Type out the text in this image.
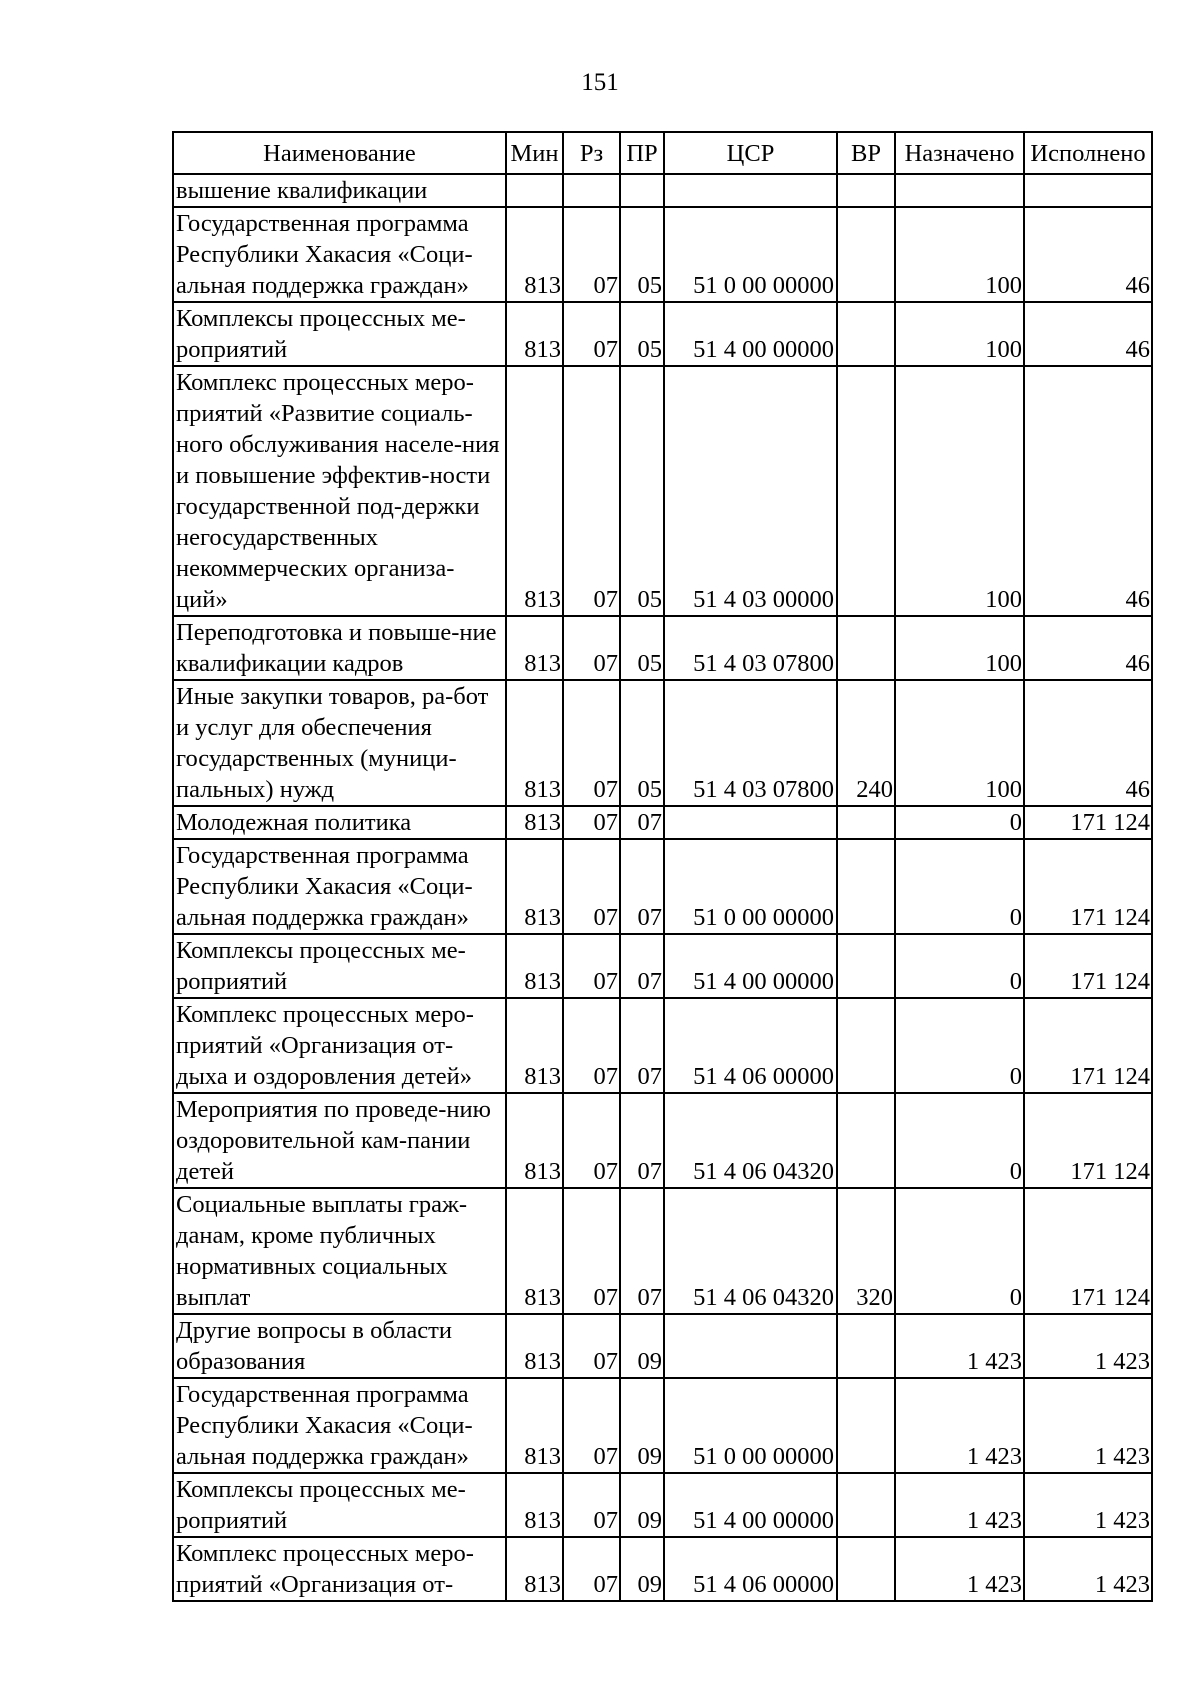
151
Наименование	Мин	Рз	ПР	ЦСР	ВР	Назначено	Исполнено
вышение квалификации							
Государственная программа Республики Хакасия «Соци-альная поддержка граждан»	813	07	05	51 0 00 00000		100	46
Комплексы процессных ме-роприятий	813	07	05	51 4 00 00000		100	46
Комплекс процессных меро-приятий «Развитие социаль-ного обслуживания населе-ния и повышение эффектив-ности государственной под-держки негосударственных некоммерческих организа-ций»	813	07	05	51 4 03 00000		100	46
Переподготовка и повыше-ние квалификации кадров	813	07	05	51 4 03 07800		100	46
Иные закупки товаров, ра-бот и услуг для обеспечения государственных (муници-пальных) нужд	813	07	05	51 4 03 07800	240	100	46
Молодежная политика	813	07	07			0	171 124
Государственная программа Республики Хакасия «Соци-альная поддержка граждан»	813	07	07	51 0 00 00000		0	171 124
Комплексы процессных ме-роприятий	813	07	07	51 4 00 00000		0	171 124
Комплекс процессных меро-приятий «Организация от-дыха и оздоровления детей»	813	07	07	51 4 06 00000		0	171 124
Мероприятия по проведе-нию оздоровительной кам-пании детей	813	07	07	51 4 06 04320		0	171 124
Социальные выплаты граж-данам, кроме публичных нормативных социальных выплат	813	07	07	51 4 06 04320	320	0	171 124
Другие вопросы в области образования	813	07	09			1 423	1 423
Государственная программа Республики Хакасия «Соци-альная поддержка граждан»	813	07	09	51 0 00 00000		1 423	1 423
Комплексы процессных ме-роприятий	813	07	09	51 4 00 00000		1 423	1 423
Комплекс процессных меро-приятий «Организация от-	813	07	09	51 4 06 00000		1 423	1 423
